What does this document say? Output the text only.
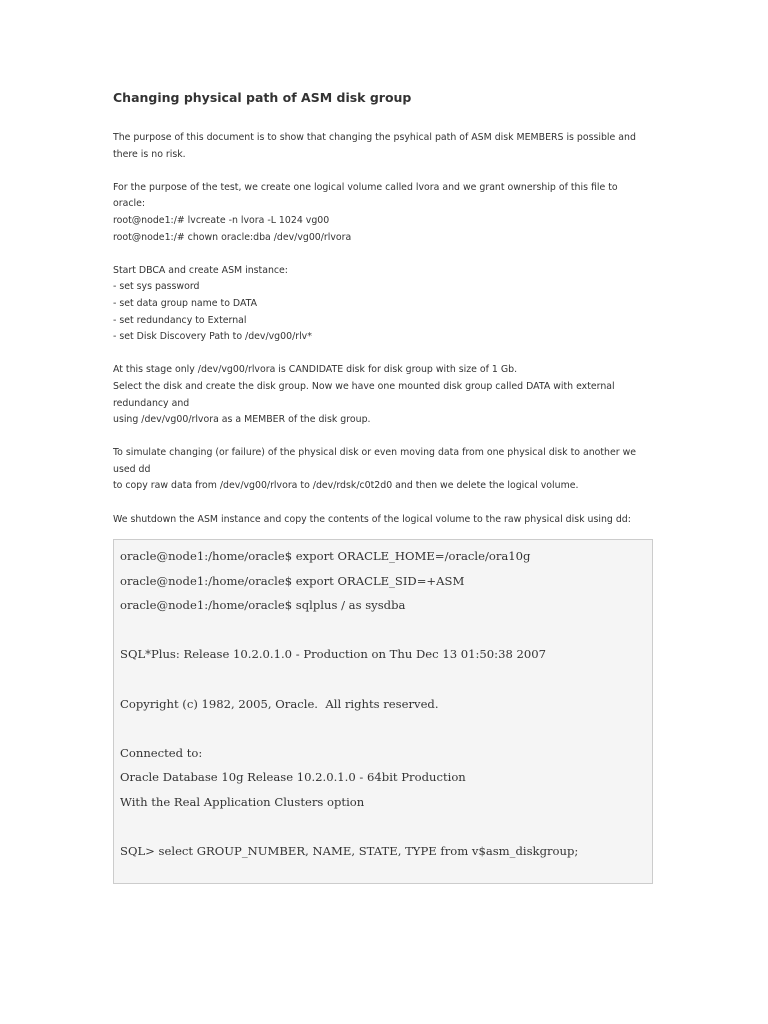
Changing physical path of ASM disk group
The purpose of this document is to show that changing the psyhical path of ASM disk MEMBERS is possible and
there is no risk.
For the purpose of the test, we create one logical volume called lvora and we grant ownership of this file to
oracle:
root@node1:/# lvcreate -n lvora -L 1024 vg00
root@node1:/# chown oracle:dba /dev/vg00/rlvora
Start DBCA and create ASM instance:
- set sys password
- set data group name to DATA
- set redundancy to External
- set Disk Discovery Path to /dev/vg00/rlv*
At this stage only /dev/vg00/rlvora is CANDIDATE disk for disk group with size of 1 Gb.
Select the disk and create the disk group. Now we have one mounted disk group called DATA with external
redundancy and
using /dev/vg00/rlvora as a MEMBER of the disk group.
To simulate changing (or failure) of the physical disk or even moving data from one physical disk to another we
used dd
to copy raw data from /dev/vg00/rlvora to /dev/rdsk/c0t2d0 and then we delete the logical volume.
We shutdown the ASM instance and copy the contents of the logical volume to the raw physical disk using dd:
oracle@node1:/home/oracle$ export ORACLE_HOME=/oracle/ora10g
oracle@node1:/home/oracle$ export ORACLE_SID=+ASM
oracle@node1:/home/oracle$ sqlplus / as sysdba
SQL*Plus: Release 10.2.0.1.0 - Production on Thu Dec 13 01:50:38 2007
Copyright (c) 1982, 2005, Oracle.  All rights reserved.
Connected to:
Oracle Database 10g Release 10.2.0.1.0 - 64bit Production
With the Real Application Clusters option
SQL> select GROUP_NUMBER, NAME, STATE, TYPE from v$asm_diskgroup;
